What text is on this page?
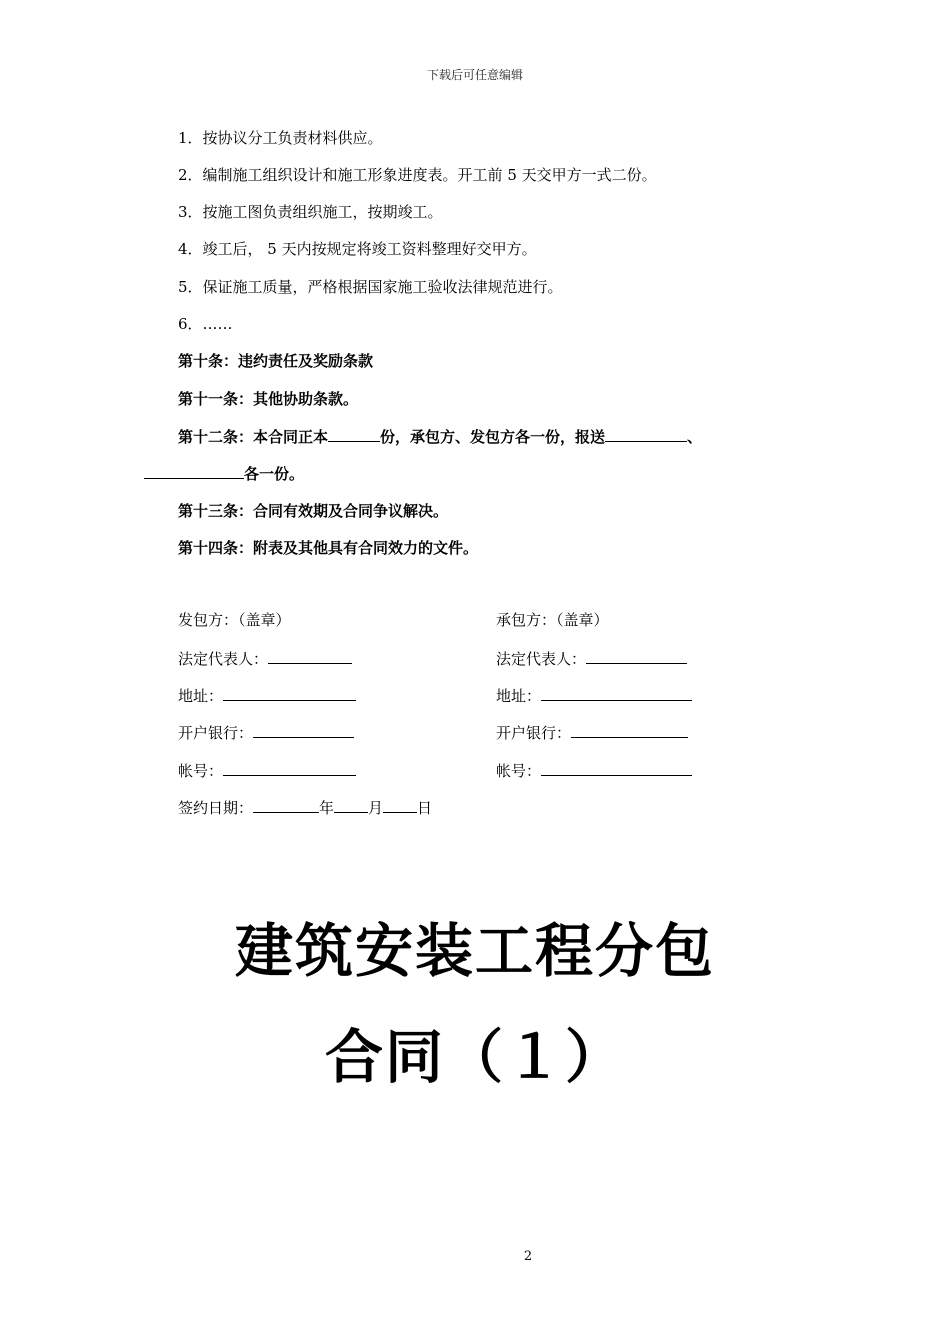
下载后可任意编辑
1．按协议分工负责材料供应。
2．编制施工组织设计和施工形象进度表。开工前 5 天交甲方一式二份。
3．按施工图负责组织施工，按期竣工。
4．竣工后， 5 天内按规定将竣工资料整理好交甲方。
5．保证施工质量，严格根据国家施工验收法律规范进行。
6．……
第十条：违约责任及奖励条款
第十一条：其他协助条款。
第十二条：本合同正本	份，承包方、发包方各一份，报送	、
各一份。
第十三条：合同有效期及合同争议解决。
第十四条：附表及其他具有合同效力的文件。
发包方：（盖章）	承包方：（盖章）
法定代表人：	法定代表人：
地址：	地址：
开户银行：	开户银行：
帐号：	帐号：
签约日期：	年 月 日
建筑安装工程分包
合同（１）
2
